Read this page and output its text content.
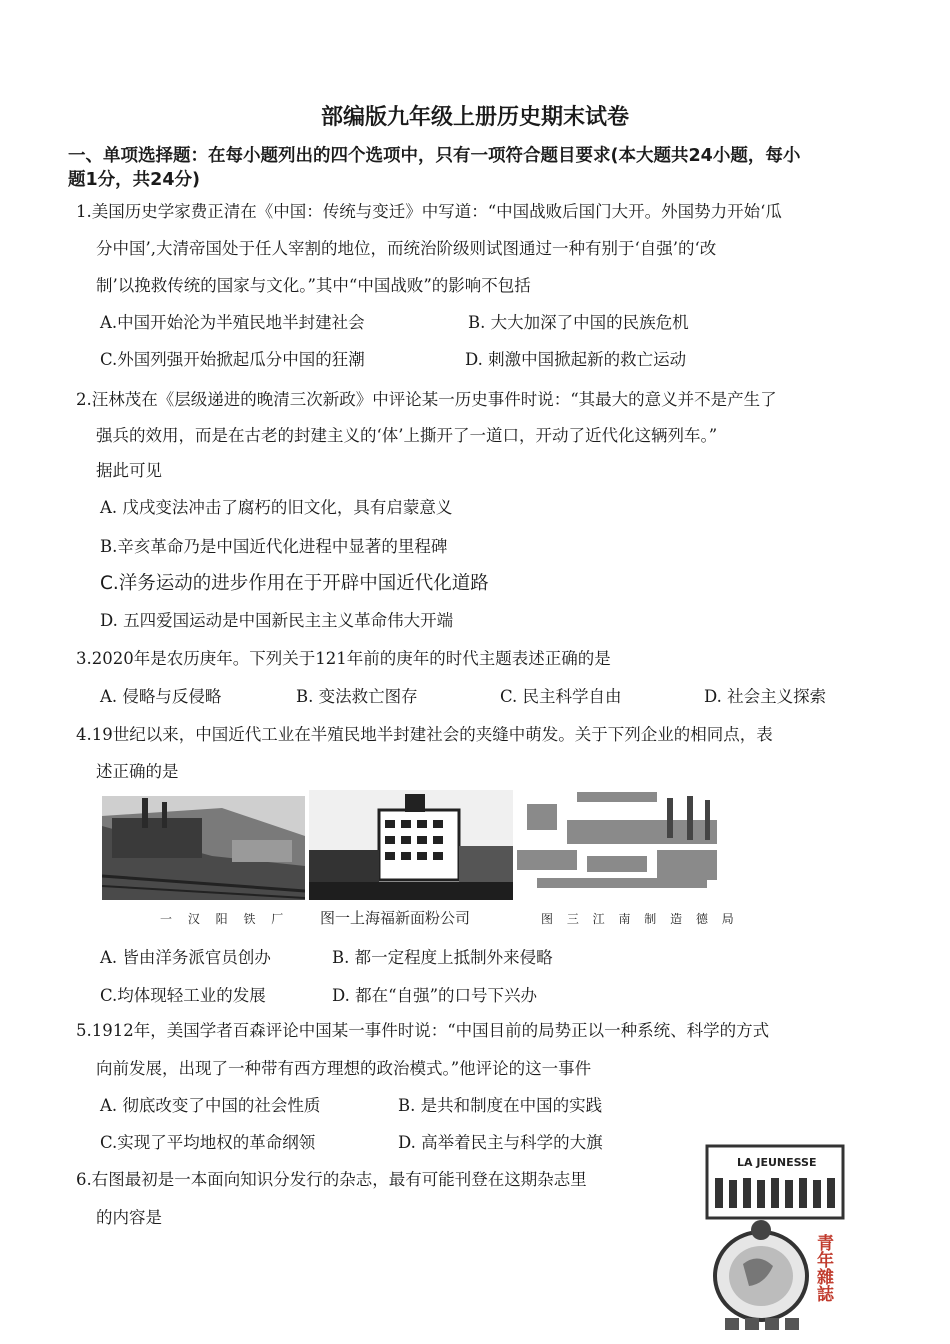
部编版九年级上册历史期末试卷
一、单项选择题：在每小题列出的四个选项中，只有一项符合题目要求(本大题共24小题，每小
题1分，共24分)
1.美国历史学家费正清在《中国：传统与变迁》中写道：“中国战败后国门大开。外国势力开始‘瓜
分中国’,大清帝国处于任人宰割的地位，而统治阶级则试图通过一种有别于‘自强’的‘改
制’以挽救传统的国家与文化。”其中“中国战败”的影响不包括
A.中国开始沦为半殖民地半封建社会	B. 大大加深了中国的民族危机
C.外国列强开始掀起瓜分中国的狂潮	D. 刺激中国掀起新的救亡运动
2.汪林茂在《层级递进的晚清三次新政》中评论某一历史事件时说：“其最大的意义并不是产生了
强兵的效用，而是在古老的封建主义的‘体’上撕开了一道口，开动了近代化这辆列车。”
据此可见
A. 戊戌变法冲击了腐朽的旧文化，具有启蒙意义
B.辛亥革命乃是中国近代化进程中显著的里程碑
C.洋务运动的进步作用在于开辟中国近代化道路
D. 五四爱国运动是中国新民主主义革命伟大开端
3.2020年是农历庚年。下列关于121年前的庚年的时代主题表述正确的是
A. 侵略与反侵略	B. 变法救亡图存	C. 民主科学自由	D. 社会主义探索
4.19世纪以来，中国近代工业在半殖民地半封建社会的夹缝中萌发。关于下列企业的相同点，表
述正确的是
一 汉 阳 铁 厂 图一上海福新面粉公司	图 三 江 南 制 造 德 局
A. 皆由洋务派官员创办	B. 都一定程度上抵制外来侵略
C.均体现轻工业的发展	D. 都在“自强”的口号下兴办
5.1912年，美国学者百森评论中国某一事件时说：“中国目前的局势正以一种系统、科学的方式
向前发展，出现了一种带有西方理想的政治模式。”他评论的这一事件
A. 彻底改变了中国的社会性质	B. 是共和制度在中国的实践
C.实现了平均地权的革命纲领	D. 高举着民主与科学的大旗
6.右图最初是一本面向知识分发行的杂志，最有可能刊登在这期杂志里
的内容是
LA JEUNESSE
青年雜誌
